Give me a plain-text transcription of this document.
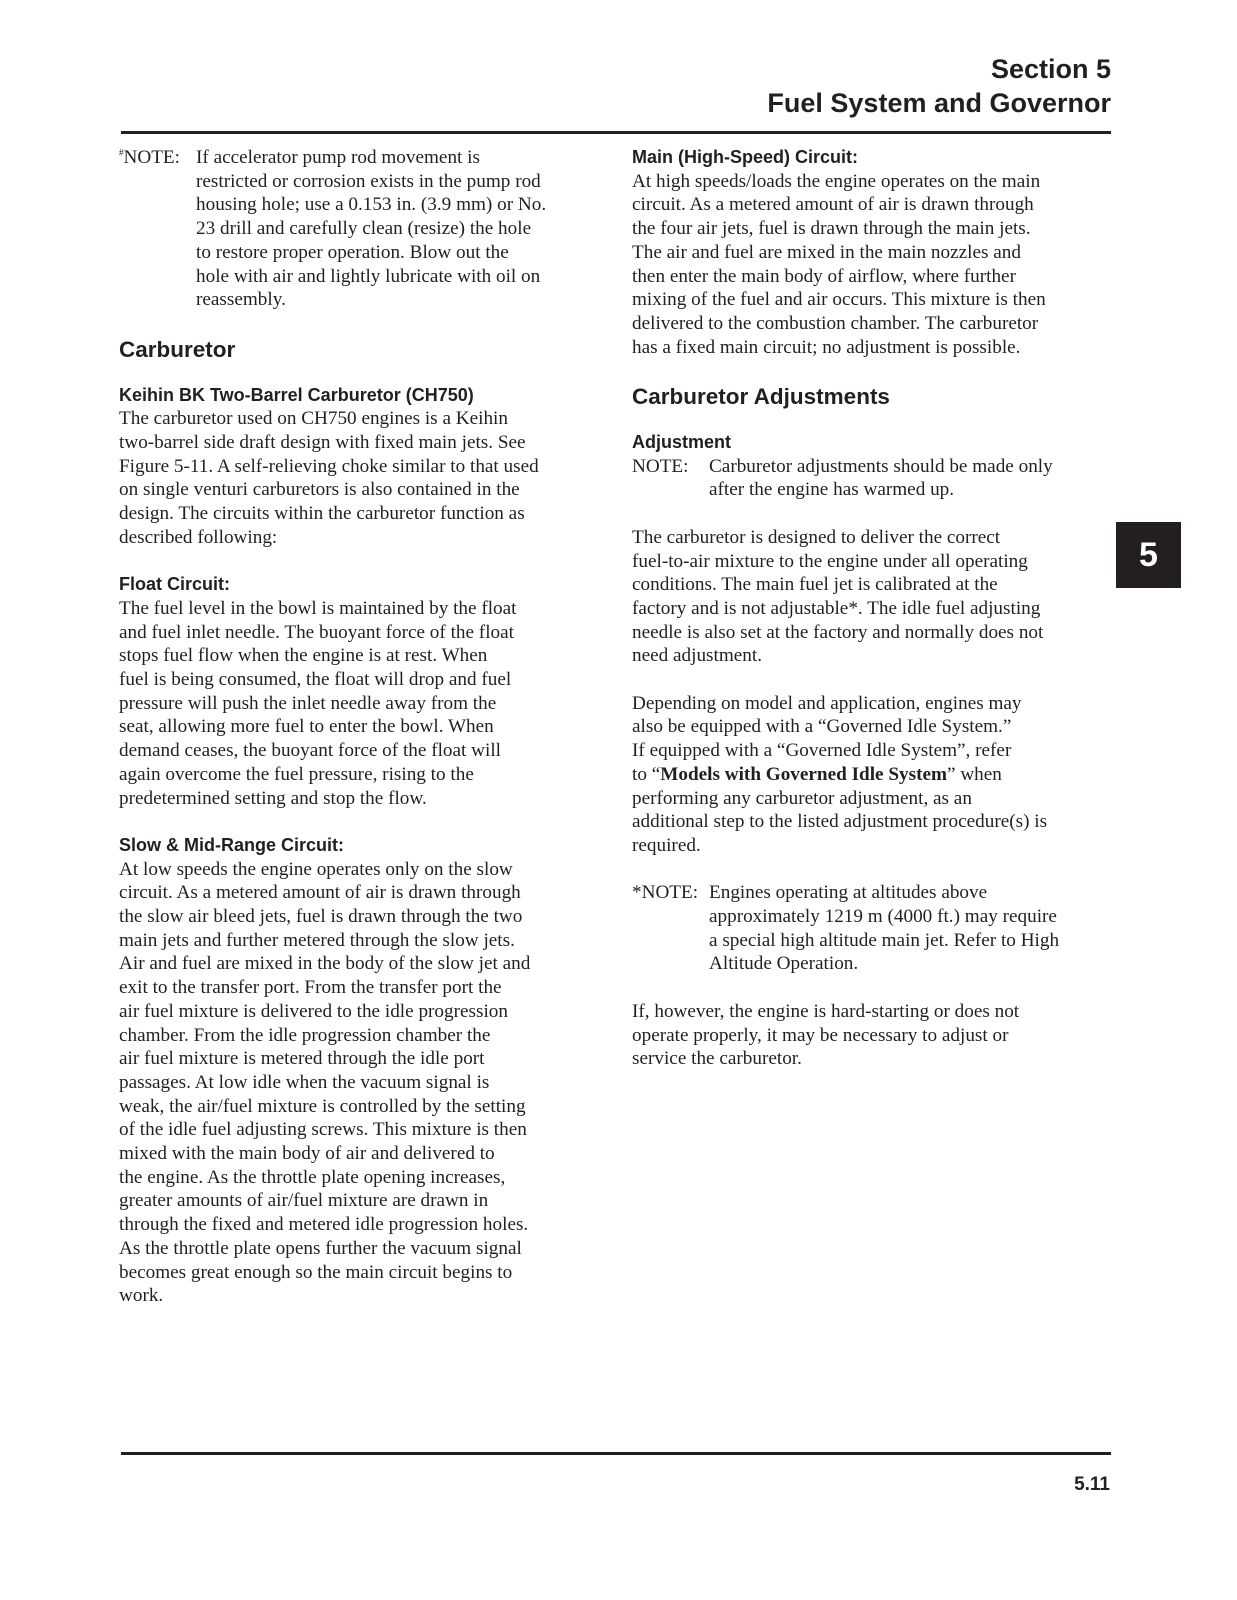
Section 5
Fuel System and Governor
#NOTE: If accelerator pump rod movement is
restricted or corrosion exists in the pump rod
housing hole; use a 0.153 in. (3.9 mm) or No.
23 drill and carefully clean (resize) the hole
to restore proper operation. Blow out the
hole with air and lightly lubricate with oil on
reassembly.
Carburetor
Keihin BK Two-Barrel Carburetor (CH750)

The carburetor used on CH750 engines is a Keihin

two-barrel side draft design with fixed main jets. See

Figure 5-11. A self-relieving choke similar to that used

on single venturi carburetors is also contained in the

design. The circuits within the carburetor function as

described following:

Float Circuit:

The fuel level in the bowl is maintained by the float

and fuel inlet needle. The buoyant force of the float

stops fuel flow when the engine is at rest. When

fuel is being consumed, the float will drop and fuel

pressure will push the inlet needle away from the

seat, allowing more fuel to enter the bowl. When

demand ceases, the buoyant force of the float will

again overcome the fuel pressure, rising to the

predetermined setting and stop the flow.

Slow & Mid-Range Circuit:

At low speeds the engine operates only on the slow

circuit. As a metered amount of air is drawn through

the slow air bleed jets, fuel is drawn through the two

main jets and further metered through the slow jets.

Air and fuel are mixed in the body of the slow jet and

exit to the transfer port. From the transfer port the

air fuel mixture is delivered to the idle progression

chamber. From the idle progression chamber the

air fuel mixture is metered through the idle port

passages. At low idle when the vacuum signal is

weak, the air/fuel mixture is controlled by the setting

of the idle fuel adjusting screws. This mixture is then

mixed with the main body of air and delivered to

the engine. As the throttle plate opening increases,

greater amounts of air/fuel mixture are drawn in

through the fixed and metered idle progression holes.

As the throttle plate opens further the vacuum signal

becomes great enough so the main circuit begins to

work.

Main (High-Speed) Circuit:

At high speeds/loads the engine operates on the main

circuit. As a metered amount of air is drawn through

the four air jets, fuel is drawn through the main jets.

The air and fuel are mixed in the main nozzles and

then enter the main body of airflow, where further

mixing of the fuel and air occurs. This mixture is then

delivered to the combustion chamber. The carburetor

has a fixed main circuit; no adjustment is possible.

Carburetor Adjustments
Adjustment
NOTE:	Carburetor adjustments should be made only
after the engine has warmed up.

The carburetor is designed to deliver the correct

fuel-to-air mixture to the engine under all operating

conditions. The main fuel jet is calibrated at the

factory and is not adjustable*. The idle fuel adjusting

needle is also set at the factory and normally does not

need adjustment.

Depending on model and application, engines may

also be equipped with a “Governed Idle System.”

If equipped with a “Governed Idle System”, refer

to “Models with Governed Idle System” when

performing any carburetor adjustment, as an

additional step to the listed adjustment procedure(s) is

required.

*NOTE: Engines operating at altitudes above
approximately 1219 m (4000 ft.) may require
a special high altitude main jet. Refer to High
Altitude Operation.

If, however, the engine is hard-starting or does not

operate properly, it may be necessary to adjust or

service the carburetor.

5
5.11
